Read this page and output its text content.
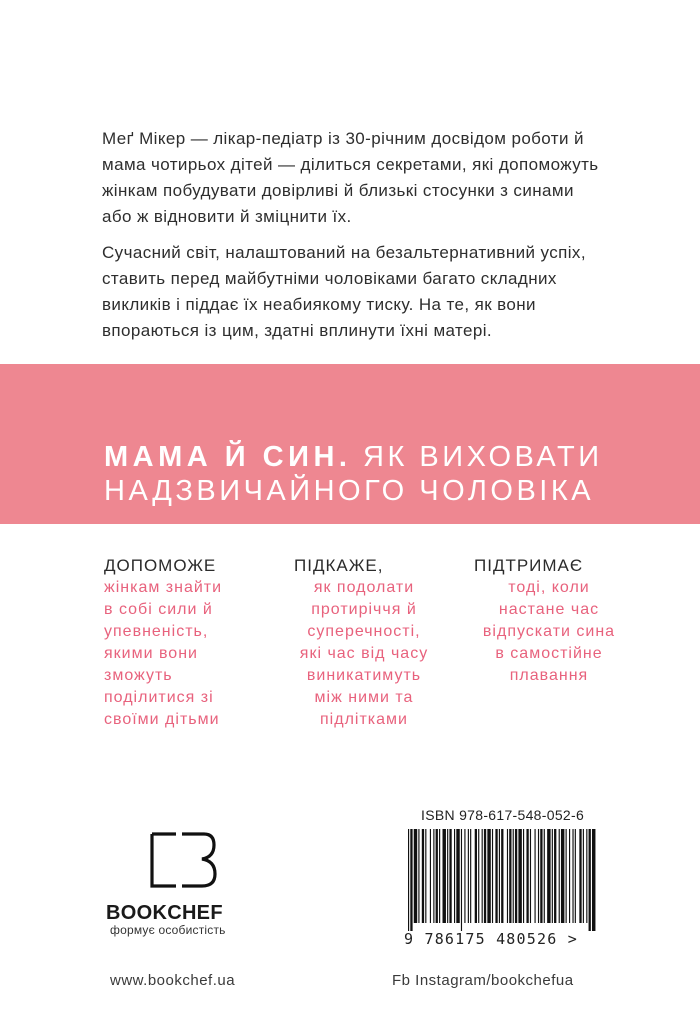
Меґ Мікер — лікар-педіатр із 30-річним досвідом роботи й мама чотирьох дітей — ділиться секретами, які допоможуть жінкам побудувати довірливі й близькі стосунки з синами або ж відновити й зміцнити їх.

Сучасний світ, налаштований на безальтернативний успіх, ставить перед майбутніми чоловіками багато складних викликів і піддає їх неабиякому тиску. На те, як вони впораються із цим, здатні вплинути їхні матері.

МАМА Й СИН. ЯК ВИХОВАТИ
НАДЗВИЧАЙНОГО ЧОЛОВІКА
ДОПОМОЖЕ
жінкам знайти
в собі сили й
упевненість,
якими вони
зможуть
поділитися зі
своїми дітьми
ПІДКАЖЕ,
як подолати
протиріччя й
суперечності,
які час від часу
виникатимуть
між ними та
підлітками
ПІДТРИМАЄ
тоді, коли
настане час
відпускати сина
в самостійне
плавання
BOOKCHEF
формує особистість
ISBN 978-617-548-052-6
9 786175 480526 >
www.bookchef.ua	Fb Instagram/bookchefua
